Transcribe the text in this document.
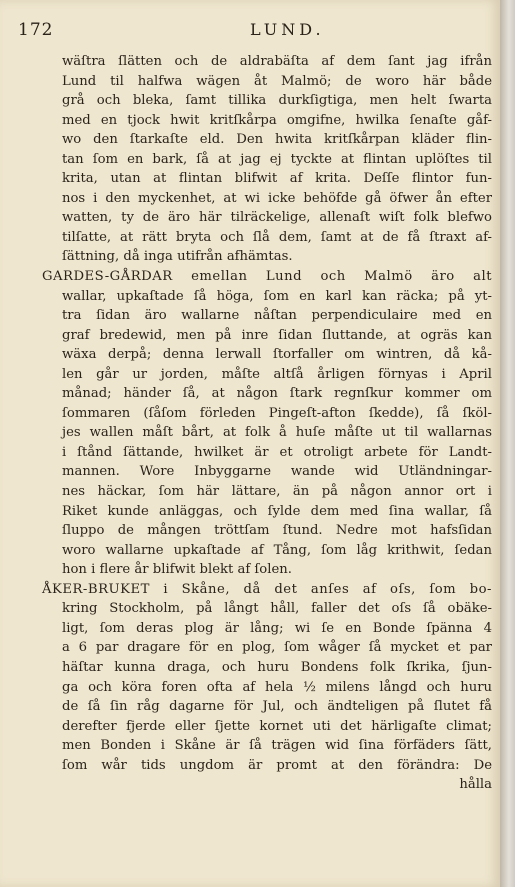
172	LUND.
wäſtra ſlätten och de aldrabäſta af dem ſant jag ifrån
Lund til halfwa wägen åt Malmö; de woro här både
grå och bleka, ſamt tillika durkſigtiga, men helt ſwarta
med en tjock hwit kritſkårpa omgifne, hwilka ſenaſte gåf-
wo den ſtarkaſte eld. Den hwita kritſkårpan kläder flin-
tan ſom en bark, ſå at jag ej tyckte at flintan uplöſtes til
krita, utan at flintan blifwit af krita. Deſſe flintor fun-
nos i den myckenhet, at wi icke behöfde gå öfwer ån efter
watten, ty de äro här tilräckelige, allenaſt wiſt folk blefwo
tilſatte, at rätt bryta och ſlå dem, ſamt at de få ſtraxt af-
ſättning, då inga utifrån afhämtas.
GARDES-GÅRDAR emellan Lund och Malmö äro alt
wallar, upkaſtade ſå höga, ſom en karl kan räcka; på yt-
tra ſidan äro wallarne nåſtan perpendiculaire med en
graf bredewid, men på inre ſidan ſluttande, at ogräs kan
wäxa derpå; denna lerwall ſtorfaller om wintren, då kå-
len går ur jorden, måſte altſå årligen förnyas i April
månad; händer ſå, at någon ſtark regnſkur kommer om
ſommaren (ſåſom förleden Pingeſt-afton ſkedde), ſå ſköl-
jes wallen måſt bårt, at folk å huſe måſte ut til wallarnas
i ſtånd ſättande, hwilket är et otroligt arbete för Landt-
mannen. Wore Inbyggarne wande wid Utländningar-
nes häckar, ſom här lättare, än på någon annor ort i
Riket kunde anläggas, och ſylde dem med ſina wallar, ſå
ſluppo de mången tröttſam ſtund. Nedre mot hafsſidan
woro wallarne upkaſtade af Tång, ſom låg krithwit, ſedan
hon i flere år blifwit blekt af ſolen.
ÅKER-BRUKET i Skåne, då det anſes af oſs, ſom bo-
kring Stockholm, på långt håll, faller det oſs ſå obäke-
ligt, ſom deras plog är lång; wi ſe en Bonde ſpänna 4
a 6 par dragare för en plog, ſom wåger ſå mycket et par
häſtar kunna draga, och huru Bondens folk ſkrika, ſjun-
ga och köra foren ofta af hela ½ milens långd och huru
de ſå ſin råg dagarne för Jul, och ändteligen på ſlutet få
derefter fjerde eller ſjette kornet uti det härligaſte climat;
men Bonden i Skåne är ſå trägen wid ſina förfäders ſätt,
ſom wår tids ungdom är promt at den förändra: De
hålla
